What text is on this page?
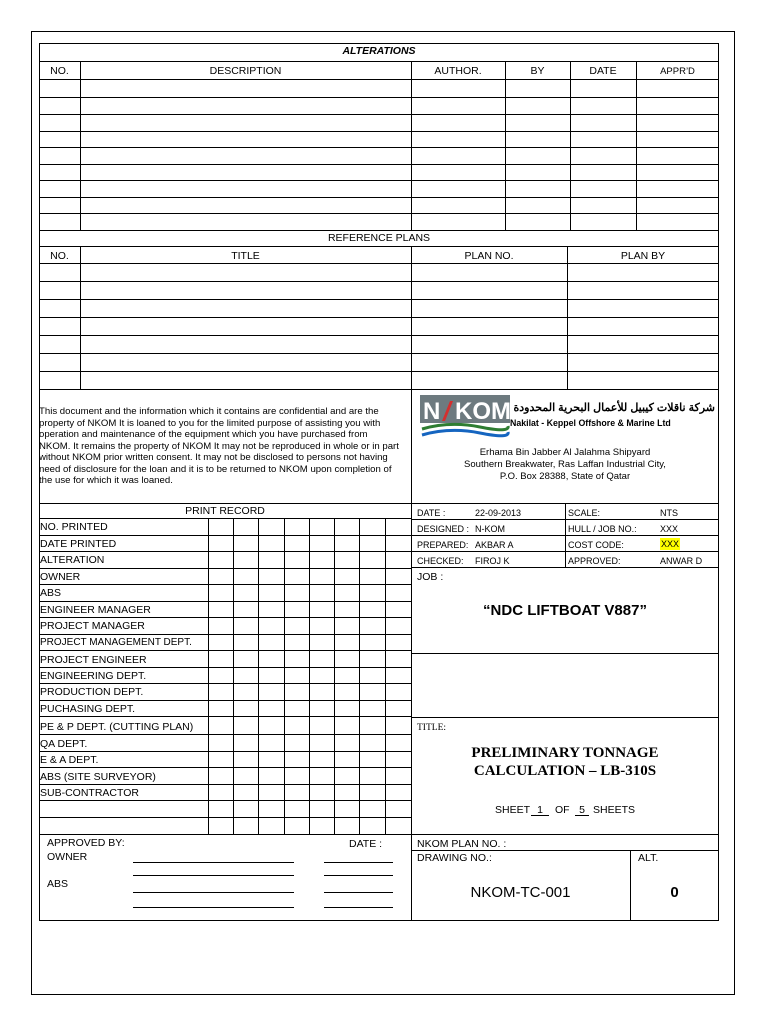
ALTERATIONS
NO.	DESCRIPTION	AUTHOR.	BY	DATE	APPR’D
REFERENCE PLANS
NO.	TITLE	PLAN NO.	PLAN BY
This document and the information which it contains are confidential and are the property of NKOM It is loaned to you for the limited purpose of assisting you with operation and maintenance of the equipment which you have purchased from NKOM. It remains the property of NKOM It may not be reproduced in whole or in part without NKOM prior written consent. It may not be disclosed to persons not having need of disclosure for the loan and it is to be returned to NKOM upon completion of the use for which it was loaned.
N KOM شركة ناقلات كيبيل للأعمال البحرية المحدودة
Nakilat - Keppel Offshore & Marine Ltd
Erhama Bin Jabber Al Jalahma Shipyard
Southern Breakwater, Ras Laffan Industrial City,
P.O. Box 28388, State of Qatar
PRINT RECORD
NO. PRINTED
DATE PRINTED
ALTERATION
OWNER
ABS
ENGINEER MANAGER
PROJECT MANAGER
PROJECT MANAGEMENT DEPT.
PROJECT ENGINEER
ENGINEERING DEPT.
PRODUCTION DEPT.
PUCHASING DEPT.
PE & P DEPT. (CUTTING PLAN)
QA DEPT.
E & A DEPT.
ABS (SITE SURVEYOR)
SUB-CONTRACTOR
DATE :	22-09-2013	SCALE:	NTS
DESIGNED : N-KOM	HULL / JOB NO.:	XXX
PREPARED: AKBAR A	COST CODE:	XXX
CHECKED: FIROJ K	APPROVED:	ANWAR D
JOB :
“NDC LIFTBOAT V887”
TITLE:
PRELIMINARY TONNAGE
CALCULATION – LB-310S
SHEET 1	OF 5 SHEETS
APPROVED BY:	DATE :
OWNER
ABS
NKOM PLAN NO. :
DRAWING NO.:	ALT.
NKOM-TC-001	0
